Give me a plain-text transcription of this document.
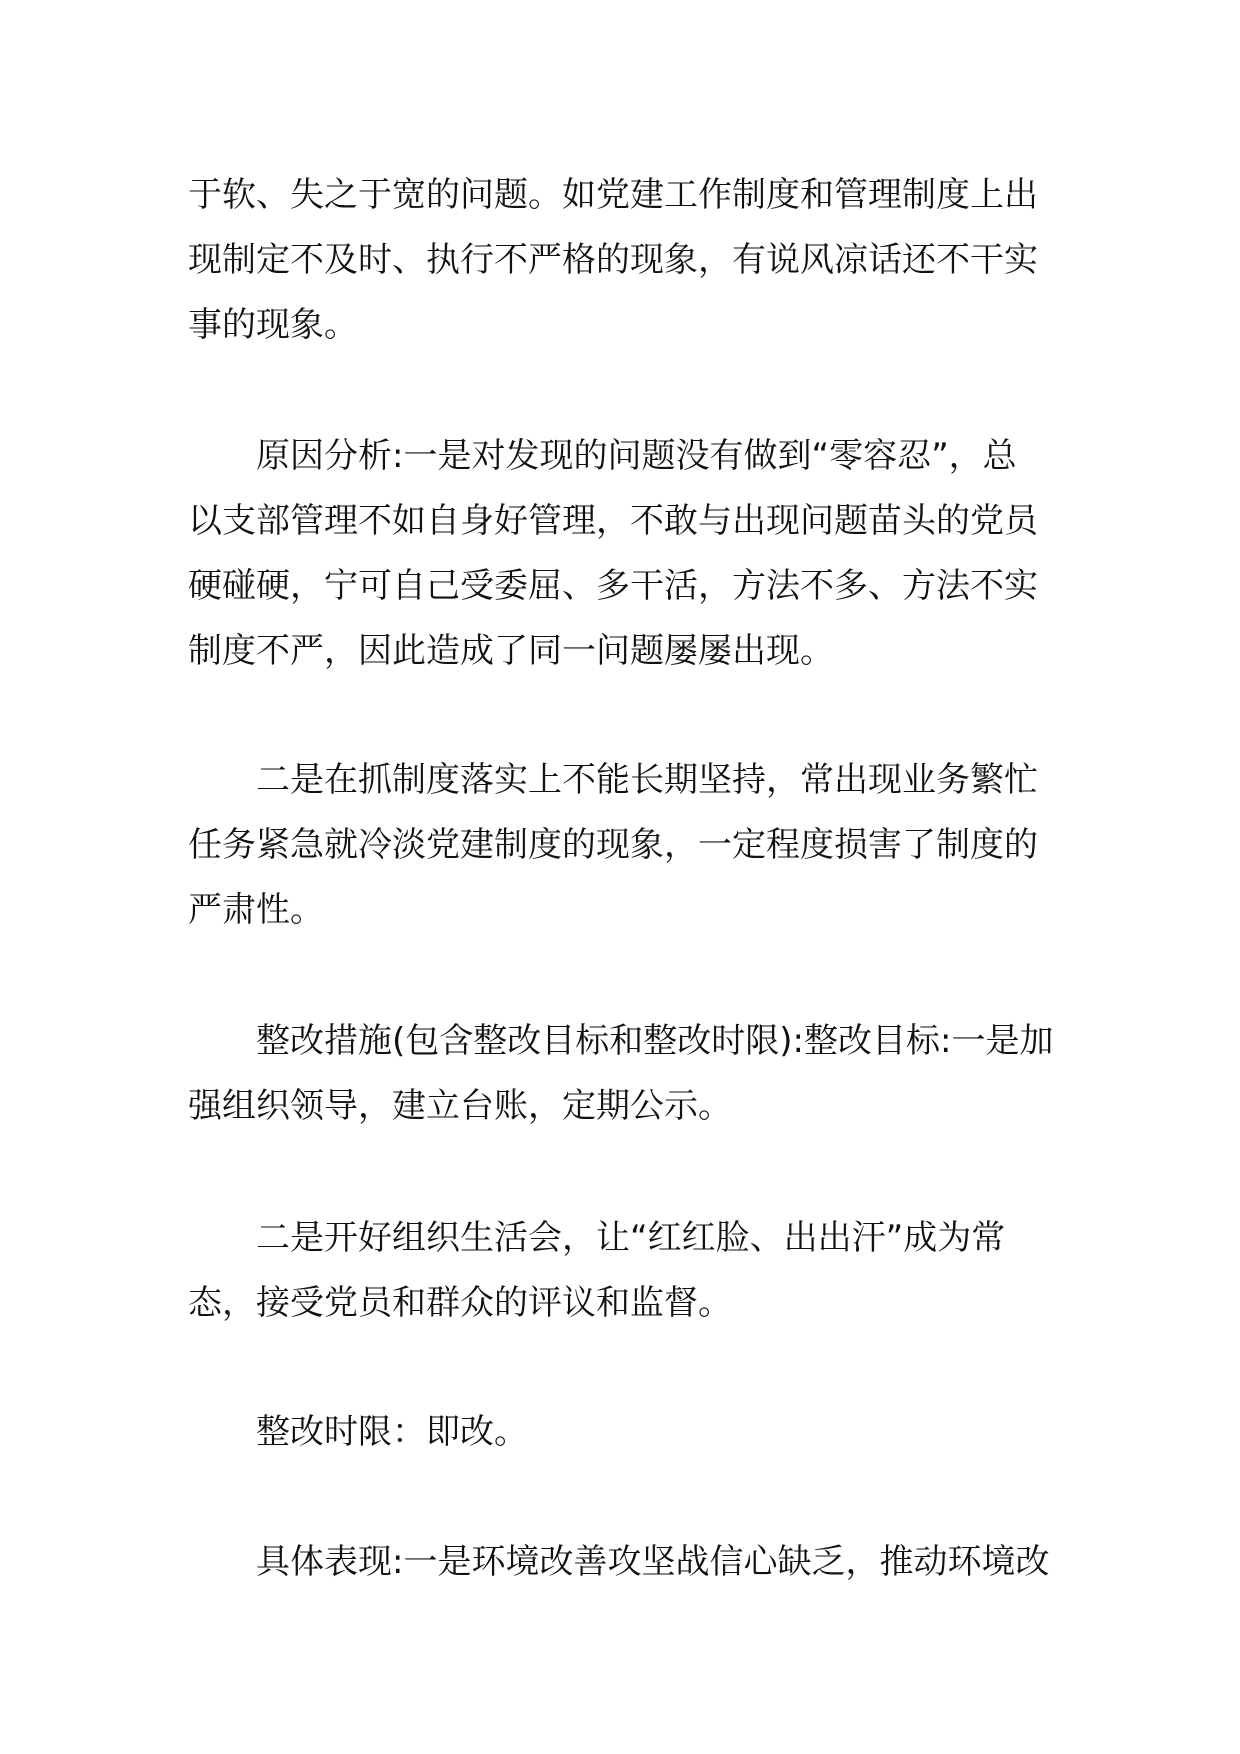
于软、失之于宽的问题。如党建工作制度和管理制度上出
现制定不及时、执行不严格的现象，有说风凉话还不干实
事的现象。

原因分析:一是对发现的问题没有做到“零容忍”，总
以支部管理不如自身好管理，不敢与出现问题苗头的党员
硬碰硬，宁可自己受委屈、多干活，方法不多、方法不实
制度不严，因此造成了同一问题屡屡出现。

二是在抓制度落实上不能长期坚持，常出现业务繁忙
任务紧急就冷淡党建制度的现象，一定程度损害了制度的
严肃性。

整改措施(包含整改目标和整改时限):整改目标:一是加
强组织领导，建立台账，定期公示。

二是开好组织生活会，让“红红脸、出出汗”成为常
态，接受党员和群众的评议和监督。

整改时限：即改。

具体表现:一是环境改善攻坚战信心缺乏，推动环境改
